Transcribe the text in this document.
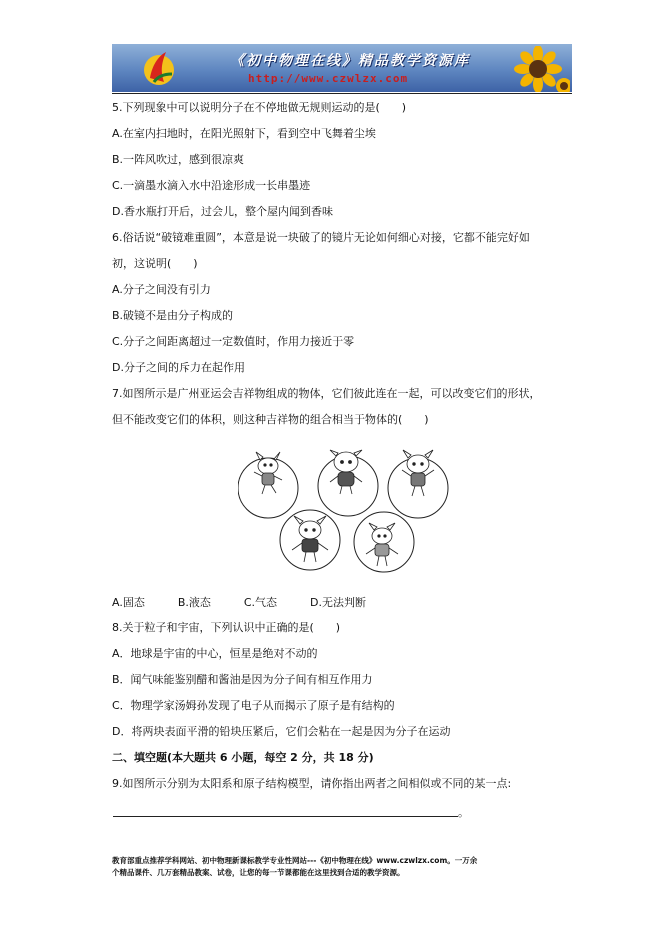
《初中物理在线》精品教学资源库
http://www.czwlzx.com
5.下列现象中可以说明分子在不停地做无规则运动的是(　　)
A.在室内扫地时，在阳光照射下，看到空中飞舞着尘埃
B.一阵风吹过，感到很凉爽
C.一滴墨水滴入水中沿途形成一长串墨迹
D.香水瓶打开后，过会儿，整个屋内闻到香味
6.俗话说“破镜难重圆”，本意是说一块破了的镜片无论如何细心对接，它都不能完好如
初，这说明(　　)
A.分子之间没有引力
B.破镜不是由分子构成的
C.分子之间距离超过一定数值时，作用力接近于零
D.分子之间的斥力在起作用
7.如图所示是广州亚运会吉祥物组成的物体，它们彼此连在一起，可以改变它们的形状，
但不能改变它们的体积，则这种吉祥物的组合相当于物体的(　　)
A.固态　　　B.液态　　　C.气态　　　D.无法判断
8.关于粒子和宇宙，下列认识中正确的是(　　)
A．地球是宇宙的中心，恒星是绝对不动的
B．闻气味能鉴别醋和酱油是因为分子间有相互作用力
C．物理学家汤姆孙发现了电子从而揭示了原子是有结构的
D．将两块表面平滑的铅块压紧后，它们会粘在一起是因为分子在运动
二、填空题(本大题共 6 小题，每空 2 分，共 18 分)
9.如图所示分别为太阳系和原子结构模型，请你指出两者之间相似或不同的某一点:
。
教育部重点推荐学科网站、初中物理新课标教学专业性网站---《初中物理在线》www.czwlzx.com。一万余
个精品课件、几万套精品教案、试卷，让您的每一节课都能在这里找到合适的教学资源。
